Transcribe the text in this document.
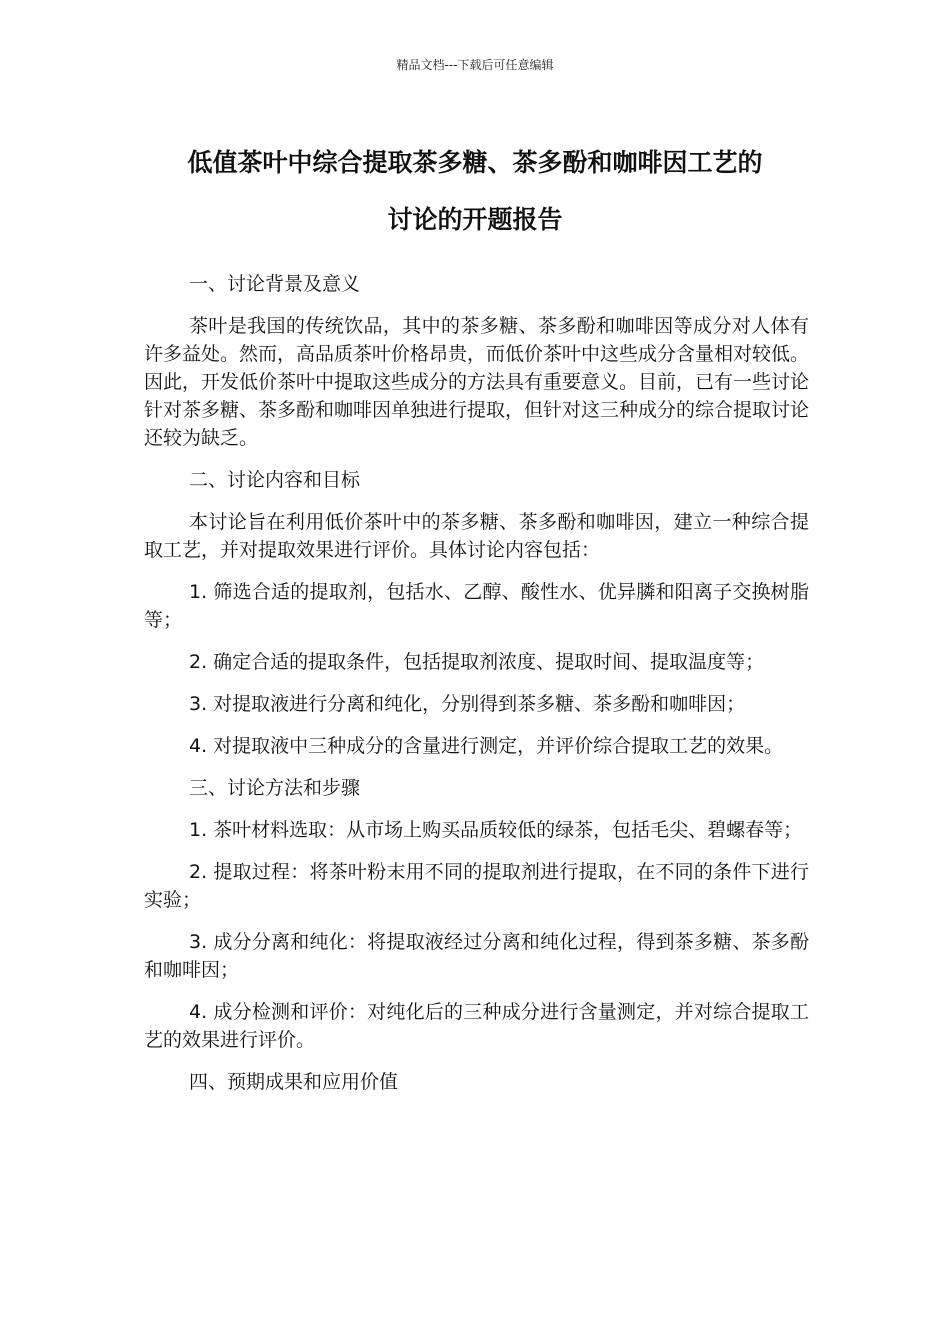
精品文档---下载后可任意编辑
低值茶叶中综合提取茶多糖、茶多酚和咖啡因工艺的
讨论的开题报告

一、讨论背景及意义

茶叶是我国的传统饮品，其中的茶多糖、茶多酚和咖啡因等成分对人体有许多益处。然而，高品质茶叶价格昂贵，而低价茶叶中这些成分含量相对较低。因此，开发低价茶叶中提取这些成分的方法具有重要意义。目前，已有一些讨论针对茶多糖、茶多酚和咖啡因单独进行提取，但针对这三种成分的综合提取讨论还较为缺乏。

二、讨论内容和目标

本讨论旨在利用低价茶叶中的茶多糖、茶多酚和咖啡因，建立一种综合提取工艺，并对提取效果进行评价。具体讨论内容包括：

1. 筛选合适的提取剂，包括水、乙醇、酸性水、优异膦和阳离子交换树脂等；

2. 确定合适的提取条件，包括提取剂浓度、提取时间、提取温度等；

3. 对提取液进行分离和纯化，分别得到茶多糖、茶多酚和咖啡因；

4. 对提取液中三种成分的含量进行测定，并评价综合提取工艺的效果。

三、讨论方法和步骤

1. 茶叶材料选取：从市场上购买品质较低的绿茶，包括毛尖、碧螺春等；

2. 提取过程：将茶叶粉末用不同的提取剂进行提取，在不同的条件下进行实验；

3. 成分分离和纯化：将提取液经过分离和纯化过程，得到茶多糖、茶多酚和咖啡因；

4. 成分检测和评价：对纯化后的三种成分进行含量测定，并对综合提取工艺的效果进行评价。

四、预期成果和应用价值
